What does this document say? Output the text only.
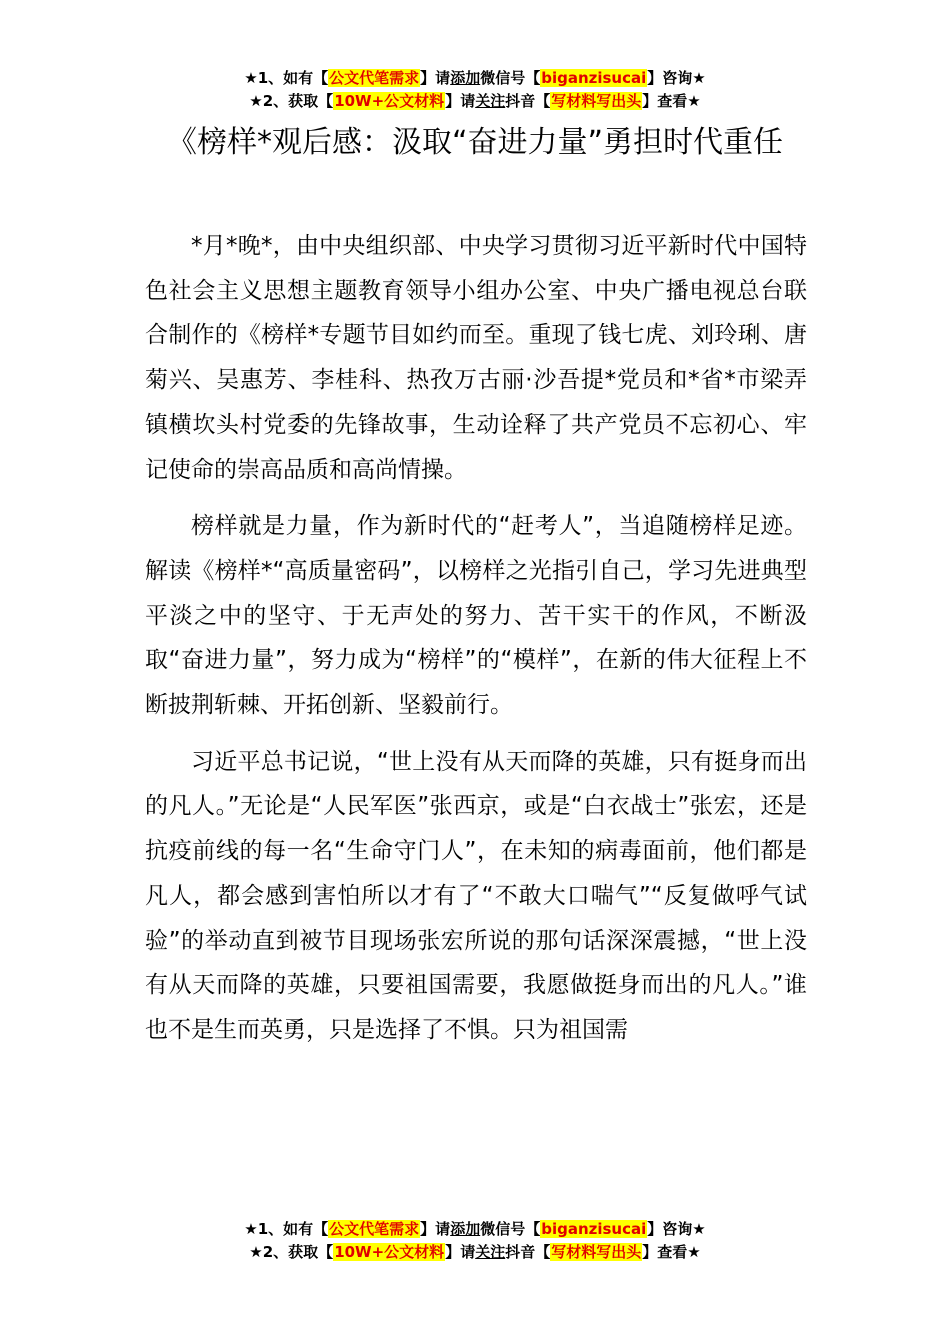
★1、如有【公文代笔需求】请添加微信号【biganzisucai】咨询★
★2、获取【10W+公文材料】请关注抖音【写材料写出头】查看★
《榜样*观后感：汲取“奋进力量”勇担时代重任

*月*晚*，由中央组织部、中央学习贯彻习近平新时代中国特色社会主义思想主题教育领导小组办公室、中央广播电视总台联合制作的《榜样*专题节目如约而至。重现了钱七虎、刘玲琍、唐菊兴、吴惠芳、李桂科、热孜万古丽·沙吾提*党员和*省*市梁弄镇横坎头村党委的先锋故事，生动诠释了共产党员不忘初心、牢记使命的崇高品质和高尚情操。

榜样就是力量，作为新时代的“赶考人”，当追随榜样足迹。解读《榜样*“高质量密码”，以榜样之光指引自己，学习先进典型平淡之中的坚守、于无声处的努力、苦干实干的作风，不断汲取“奋进力量”，努力成为“榜样”的“模样”，在新的伟大征程上不断披荆斩棘、开拓创新、坚毅前行。

习近平总书记说，“世上没有从天而降的英雄，只有挺身而出的凡人。”无论是“人民军医”张西京，或是“白衣战士”张宏，还是抗疫前线的每一名“生命守门人”，在未知的病毒面前，他们都是凡人，都会感到害怕所以才有了“不敢大口喘气”“反复做呼气试验”的举动直到被节目现场张宏所说的那句话深深震撼，“世上没有从天而降的英雄，只要祖国需要，我愿做挺身而出的凡人。”谁也不是生而英勇，只是选择了不惧。只为祖国需

★1、如有【公文代笔需求】请添加微信号【biganzisucai】咨询★
★2、获取【10W+公文材料】请关注抖音【写材料写出头】查看★
